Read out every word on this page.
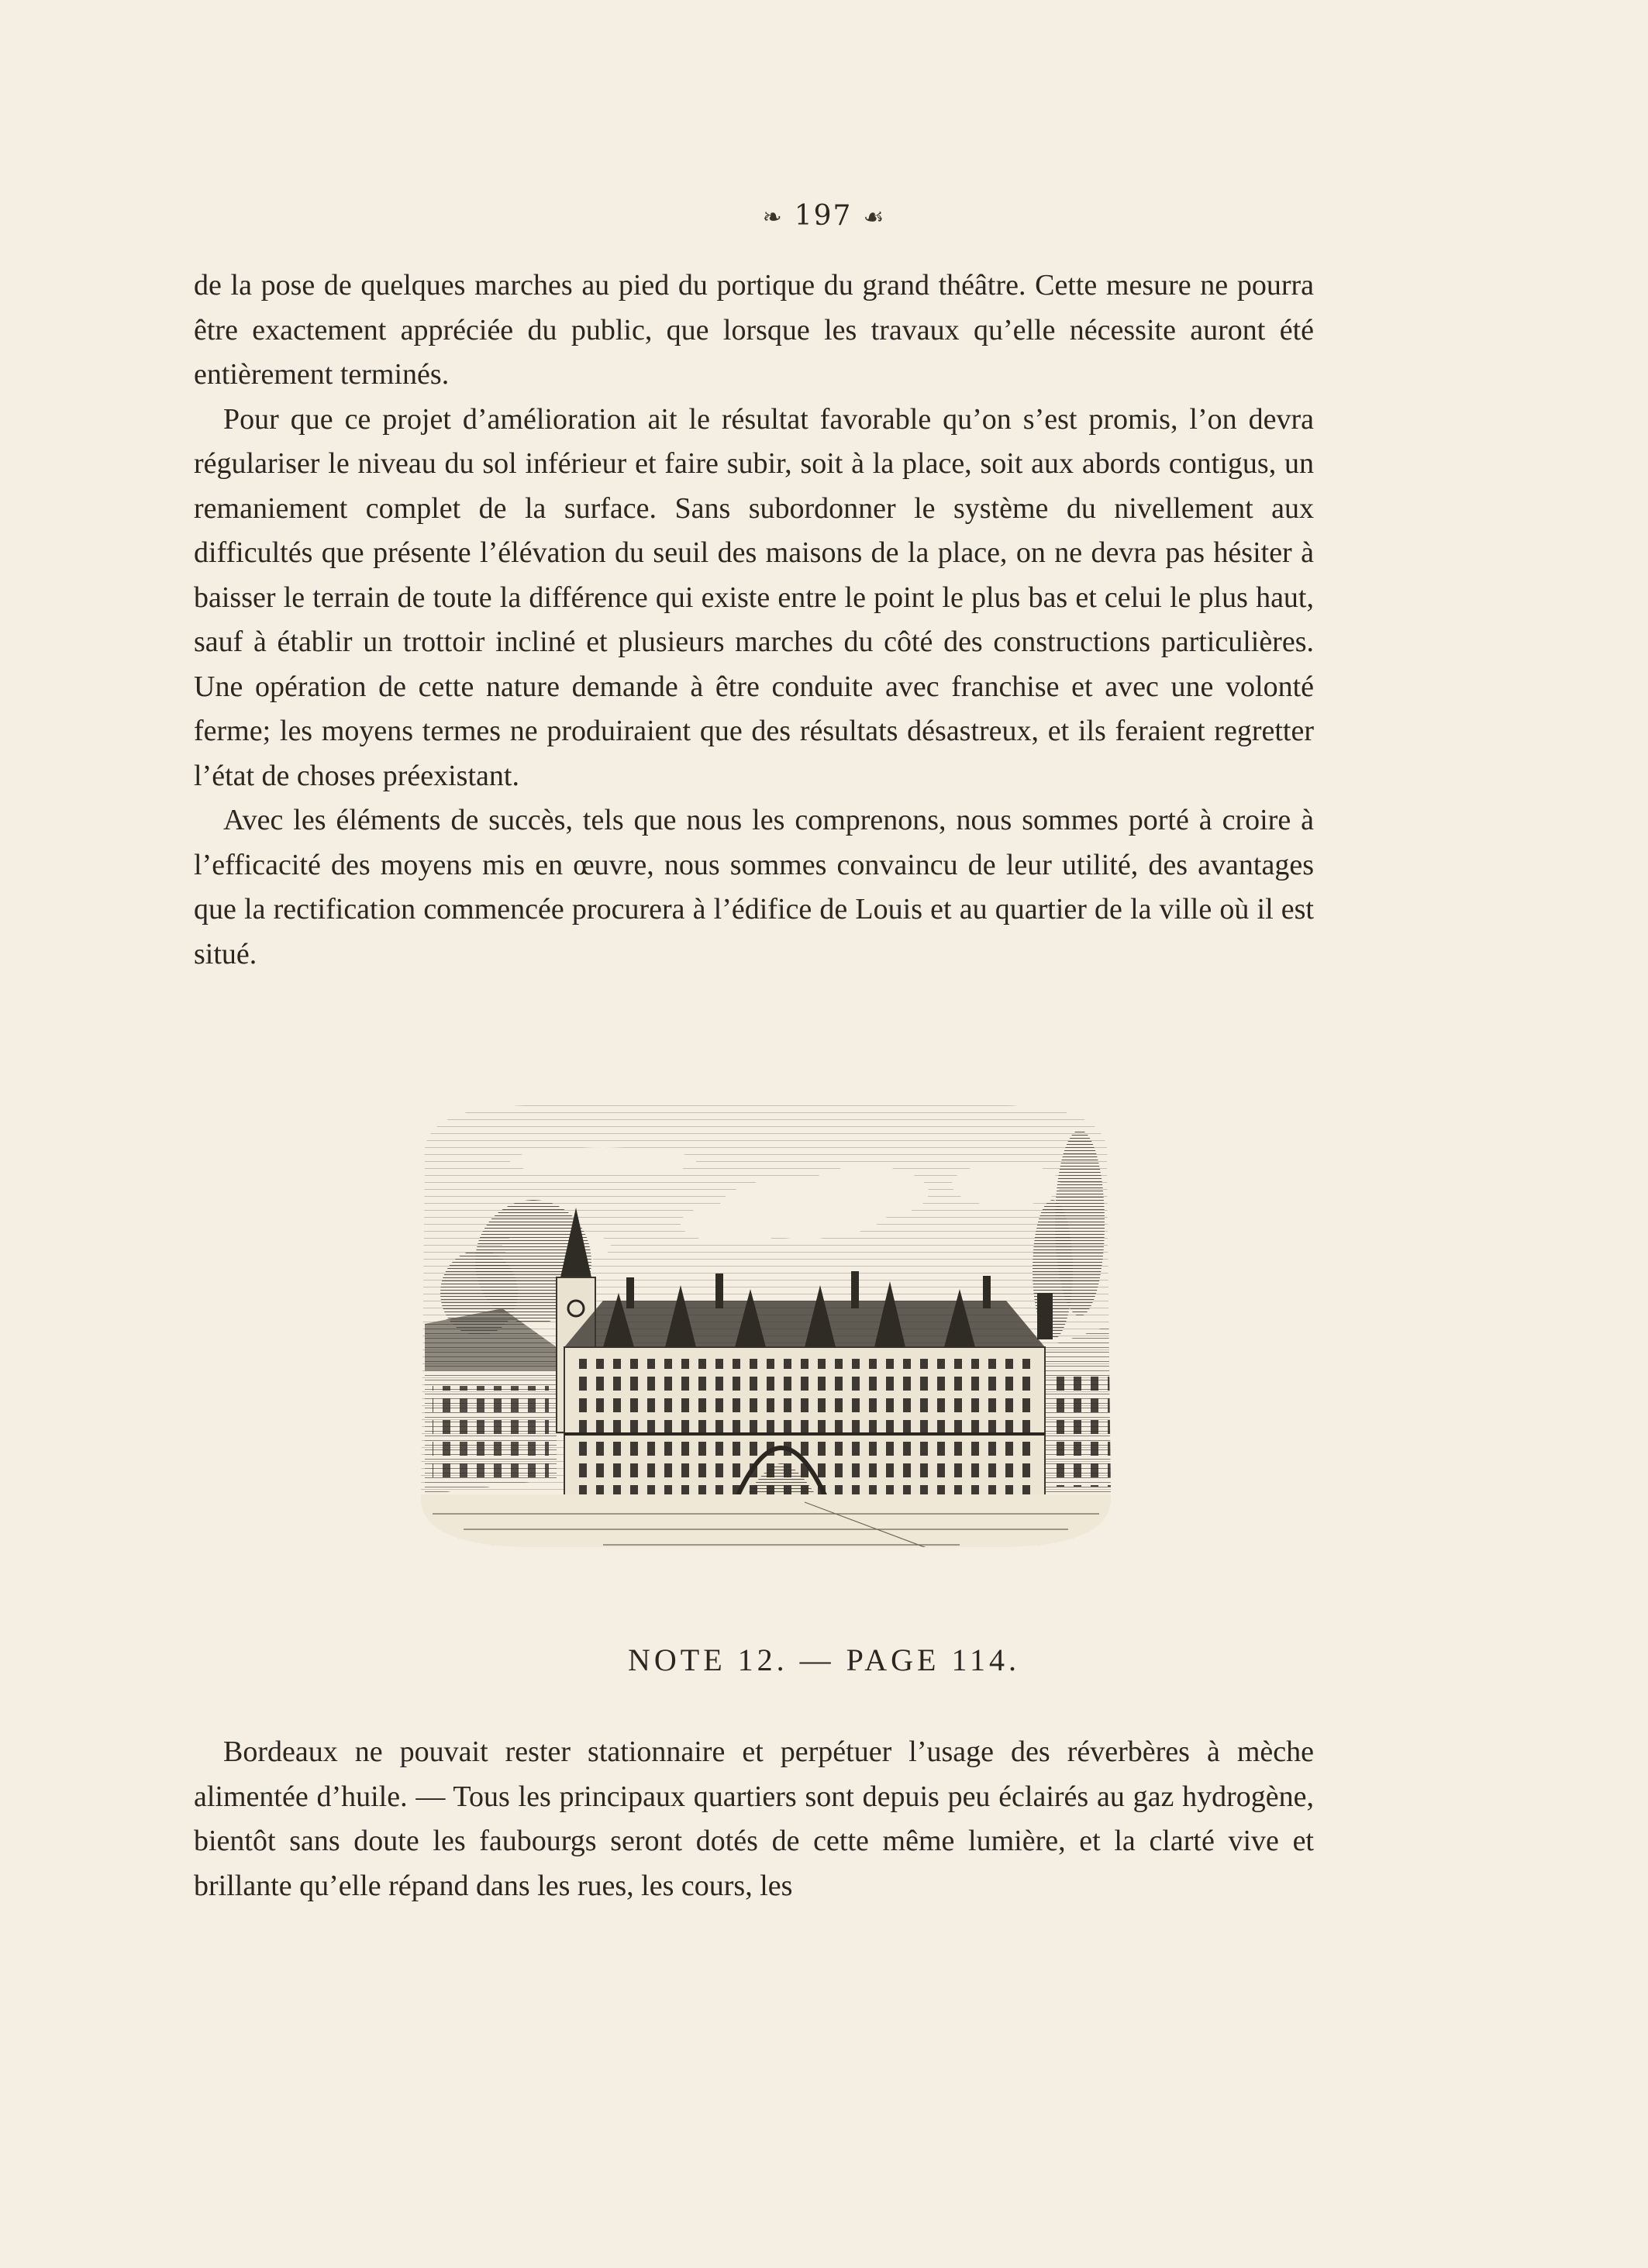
❧ 197 ☙

de la pose de quelques marches au pied du portique du grand théâtre. Cette mesure ne pourra être exactement appréciée du public, que lorsque les travaux qu’elle nécessite auront été entièrement terminés.

Pour que ce projet d’amélioration ait le résultat favorable qu’on s’est promis, l’on devra régulariser le niveau du sol inférieur et faire subir, soit à la place, soit aux abords contigus, un remaniement complet de la surface. Sans subordonner le système du nivellement aux difficultés que présente l’élévation du seuil des maisons de la place, on ne devra pas hésiter à baisser le terrain de toute la différence qui existe entre le point le plus bas et celui le plus haut, sauf à établir un trottoir incliné et plusieurs marches du côté des constructions particulières. Une opération de cette nature demande à être conduite avec franchise et avec une volonté ferme; les moyens termes ne produiraient que des résultats désastreux, et ils feraient regretter l’état de choses préexistant.

Avec les éléments de succès, tels que nous les comprenons, nous sommes porté à croire à l’efficacité des moyens mis en œuvre, nous sommes convaincu de leur utilité, des avantages que la rectification commencée procurera à l’édifice de Louis et au quartier de la ville où il est situé.

NOTE 12. — PAGE 114.

Bordeaux ne pouvait rester stationnaire et perpétuer l’usage des réverbères à mèche alimentée d’huile. — Tous les principaux quartiers sont depuis peu éclairés au gaz hydrogène, bientôt sans doute les faubourgs seront dotés de cette même lumière, et la clarté vive et brillante qu’elle répand dans les rues, les cours, les
